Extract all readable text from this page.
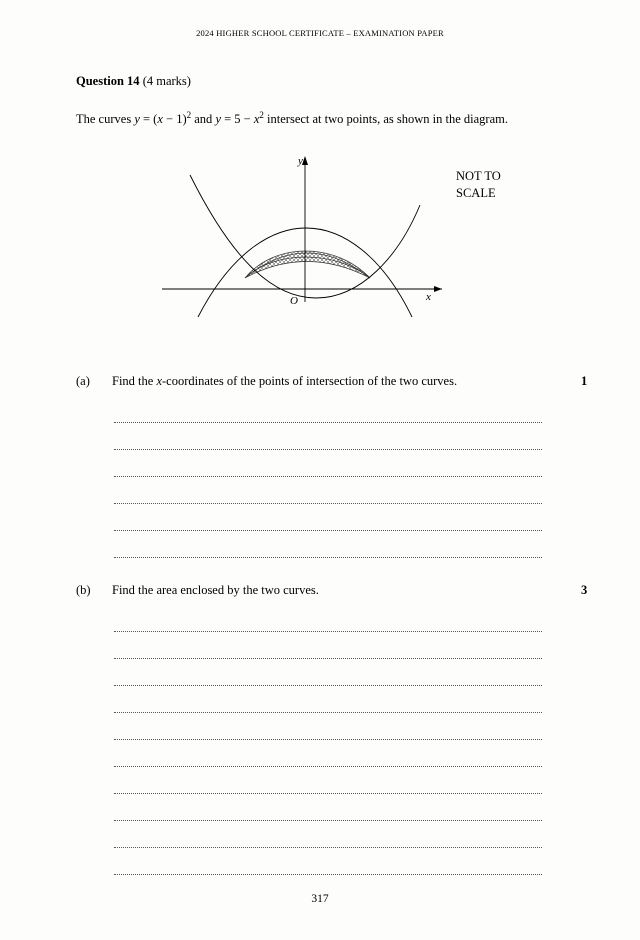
2024 HIGHER SCHOOL CERTIFICATE – EXAMINATION PAPER
Question 14 (4 marks)
The curves $y = (x - 1)^2$ and $y = 5 - x^2$ intersect at two points, as shown in the diagram.
y
x
O
NOT TO
SCALE
(a) Find the x-coordinates of the points of intersection of the two curves.	1
(b) Find the area enclosed by the two curves.	3
317
